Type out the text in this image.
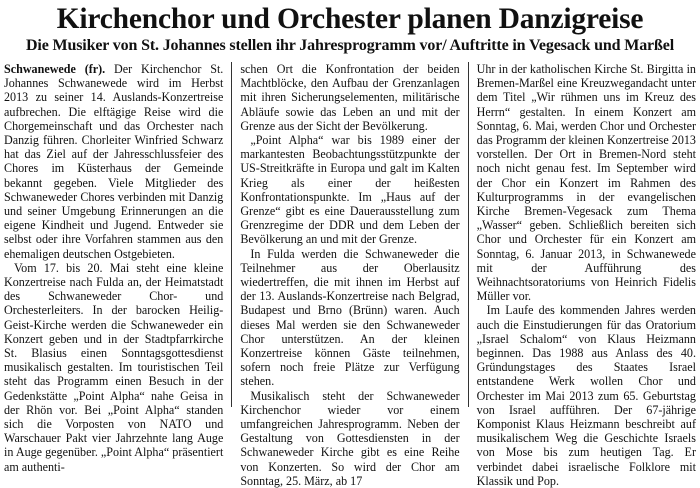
Kirchenchor und Orchester planen Danzigreise
Die Musiker von St. Johannes stellen ihr Jahresprogramm vor/ Auftritte in Vegesack und Marßel

Schwanewede (fr). Der Kirchenchor St. Johannes Schwanewede wird im Herbst 2013 zu seiner 14. Auslands-Konzertreise aufbrechen. Die elftägige Reise wird die Chorgemeinschaft und das Orchester nach Danzig führen. Chorleiter Winfried Schwarz hat das Ziel auf der Jahresschlussfeier des Chores im Küsterhaus der Gemeinde bekannt gegeben. Viele Mitglieder des Schwaneweder Chores verbinden mit Danzig und seiner Umgebung Erinnerungen an die eigene Kindheit und Jugend. Entweder sie selbst oder ihre Vorfahren stammen aus den ehemaligen deutschen Ostgebieten.

Vom 17. bis 20. Mai steht eine kleine Konzertreise nach Fulda an, der Heimatstadt des Schwaneweder Chor- und Orchesterleiters. In der barocken Heilig-Geist-Kirche werden die Schwaneweder ein Konzert geben und in der Stadtpfarrkirche St. Blasius einen Sonntagsgottesdienst musikalisch gestalten. Im touristischen Teil steht das Programm einen Besuch in der Gedenkstätte „Point Alpha“ nahe Geisa in der Rhön vor. Bei „Point Alpha“ standen sich die Vorposten von NATO und Warschauer Pakt vier Jahrzehnte lang Auge in Auge gegenüber. „Point Alpha“ präsentiert am authenti-

schen Ort die Konfrontation der beiden Machtblöcke, den Aufbau der Grenzanlagen mit ihren Sicherungselementen, militärische Abläufe sowie das Leben an und mit der Grenze aus der Sicht der Bevölkerung.

„Point Alpha“ war bis 1989 einer der markantesten Beobachtungsstützpunkte der US-Streitkräfte in Europa und galt im Kalten Krieg als einer der heißesten Konfrontationspunkte. Im „Haus auf der Grenze“ gibt es eine Dauerausstellung zum Grenzregime der DDR und dem Leben der Bevölkerung an und mit der Grenze.

In Fulda werden die Schwaneweder die Teilnehmer aus der Oberlausitz wiedertreffen, die mit ihnen im Herbst auf der 13. Auslands-Konzertreise nach Belgrad, Budapest und Brno (Brünn) waren. Auch dieses Mal werden sie den Schwaneweder Chor unterstützen. An der kleinen Konzertreise können Gäste teilnehmen, sofern noch freie Plätze zur Verfügung stehen.

Musikalisch steht der Schwaneweder Kirchenchor wieder vor einem umfangreichen Jahresprogramm. Neben der Gestaltung von Gottesdiensten in der Schwaneweder Kirche gibt es eine Reihe von Konzerten. So wird der Chor am Sonntag, 25. März, ab 17

Uhr in der katholischen Kirche St. Birgitta in Bremen-Marßel eine Kreuzwegandacht unter dem Titel „Wir rühmen uns im Kreuz des Herrn“ gestalten. In einem Konzert am Sonntag, 6. Mai, werden Chor und Orchester das Programm der kleinen Konzertreise 2013 vorstellen. Der Ort in Bremen-Nord steht noch nicht genau fest. Im September wird der Chor ein Konzert im Rahmen des Kulturprogramms in der evangelischen Kirche Bremen-Vegesack zum Thema „Wasser“ geben. Schließlich bereiten sich Chor und Orchester für ein Konzert am Sonntag, 6. Januar 2013, in Schwanewede mit der Aufführung des Weihnachtsoratoriums von Heinrich Fidelis Müller vor.

Im Laufe des kommenden Jahres werden auch die Einstudierungen für das Oratorium „Israel Schalom“ von Klaus Heizmann beginnen. Das 1988 aus Anlass des 40. Gründungstages des Staates Israel entstandene Werk wollen Chor und Orchester im Mai 2013 zum 65. Geburtstag von Israel aufführen. Der 67-jährige Komponist Klaus Heizmann beschreibt auf musikalischem Weg die Geschichte Israels von Mose bis zum heutigen Tag. Er verbindet dabei israelische Folklore mit Klassik und Pop.
